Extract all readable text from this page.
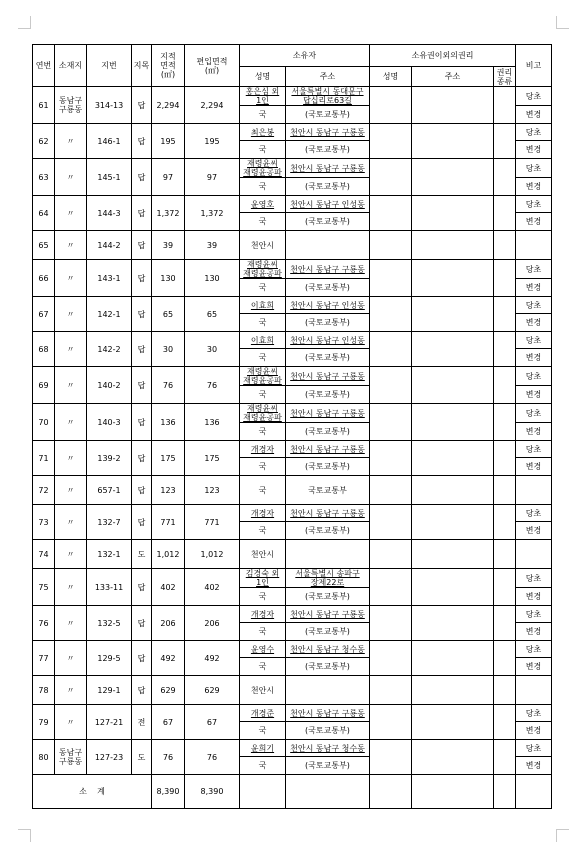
연번	소재지	지번	지목	지적
면적
(㎡)	편입면적
(㎡)	소유자		소유권이외의권리			비고
						성명	주소	성명	주소	권리
종류	
61	동남구
구룡동	314-13	답	2,294	2,294	홍은심 외
1인	서울특별시 동대문구
답십리로63길				당초
						국	(국토교통부)				변경
62	〃	146-1	답	195	195	최은봉	천안시 동남구 구룡동				당초
						국	(국토교통부)				변경
63	〃	145-1	답	97	97	재령윤씨
재령윤공파	천안시 동남구 구룡동				당초
						국	(국토교통부)				변경
64	〃	144-3	답	1,372	1,372	윤영호	천안시 동남구 인성동				당초
						국	(국토교통부)				변경
65	〃	144-2	답	39	39	천안시					
66	〃	143-1	답	130	130	재령윤씨
재령윤공파	천안시 동남구 구룡동				당초
						국	(국토교통부)				변경
67	〃	142-1	답	65	65	이효희	천안시 동남구 인성동				당초
						국	(국토교통부)				변경
68	〃	142-2	답	30	30	이효희	천안시 동남구 인성동				당초
						국	(국토교통부)				변경
69	〃	140-2	답	76	76	재령윤씨
재령윤공파	천안시 동남구 구룡동				당초
						국	(국토교통부)				변경
70	〃	140-3	답	136	136	재령윤씨
재령윤공파	천안시 동남구 구룡동				당초
						국	(국토교통부)				변경
71	〃	139-2	답	175	175	개경자	천안시 동남구 구룡동				당초
						국	(국토교통부)				변경
72	〃	657-1	답	123	123	국	국토교통부				
73	〃	132-7	답	771	771	개경자	천안시 동남구 구룡동				당초
						국	(국토교통부)				변경
74	〃	132-1	도	1,012	1,012	천안시					
75	〃	133-11	답	402	402	김경숙 외
1인	서울특별시 송파구
장제22로				당초
						국	(국토교통부)				변경
76	〃	132-5	답	206	206	개경자	천안시 동남구 구룡동				당초
						국	(국토교통부)				변경
77	〃	129-5	답	492	492	윤영수	천안시 동남구 청수동				당초
						국	(국토교통부)				변경
78	〃	129-1	답	629	629	천안시					
79	〃	127-21	전	67	67	개경준	천안시 동남구 구룡동				당초
						국	(국토교통부)				변경
80	동남구
구룡동	127-23	도	76	76	윤희기	천안시 동남구 청수동				당초
						국	(국토교통부)				변경
소    계				8,390	8,390						
